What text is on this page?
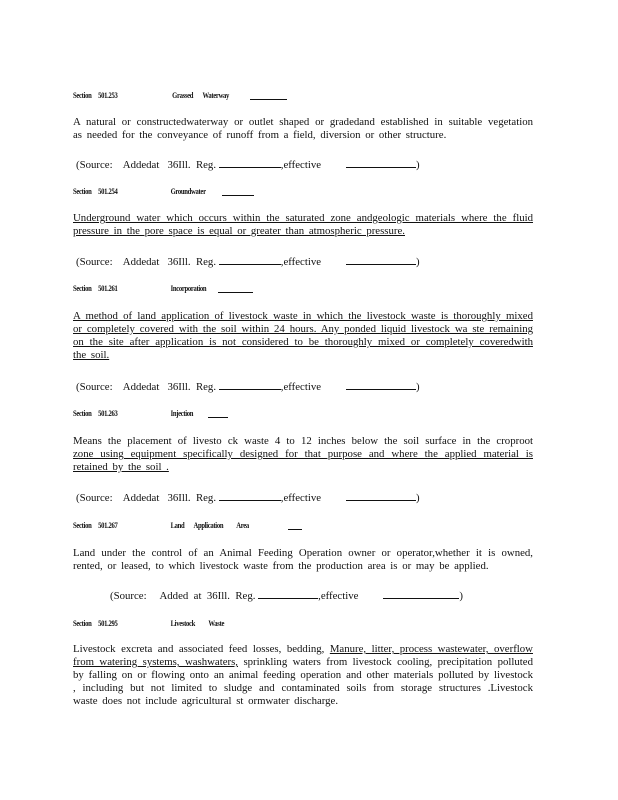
Section     501.253	Grassed       Waterway
A natural or constructedwaterway or outlet shaped or gradedand established in suitable vegetation as needed for the conveyance of runoff from a field, diversion or other structure.
(Source:    Addedat   36Ill.  Reg.	,effective	)
Section     501.254	Groundwater
Underground water which occurs within the saturated zone andgeologic materials where the fluid pressure in the pore space is equal or greater than atmospheric pressure.
(Source:    Addedat   36Ill.  Reg.	,effective	)
Section     501.261	Incorporation
A method of land application of livestock waste in which the livestock waste is thoroughly mixed or completely covered with the soil within 24 hours. Any ponded liquid livestock wa ste remaining on the site after application is not considered to be thoroughly mixed or completely coveredwith the soil.
(Source:    Addedat   36Ill.  Reg.	,effective	)
Section     501.263	Injection
Means the placement of livesto ck waste 4 to 12 inches below the soil surface in the croproot zone using equipment specifically designed for that purpose and where the applied material is retained by the soil .
(Source:    Addedat   36Ill.  Reg.	,effective	)
Section     501.267	Land       Application          Area
Land under the control of an Animal Feeding Operation owner or operator,whether it is owned, rented, or leased, to which livestock waste from the production area is or may be applied.
(Source:     Added  at  36Ill.  Reg.	,effective	)
Section     501.295	Livestock          Waste
Livestock excreta and associated feed losses, bedding, Manure, litter, process wastewater, overflow from watering systems, washwaters, sprinkling waters from livestock cooling, precipitation polluted by falling on or flowing onto an animal feeding operation and other materials polluted by livestock , including but not limited to sludge and contaminated soils from storage structures .Livestock waste does not include agricultural st ormwater discharge.
